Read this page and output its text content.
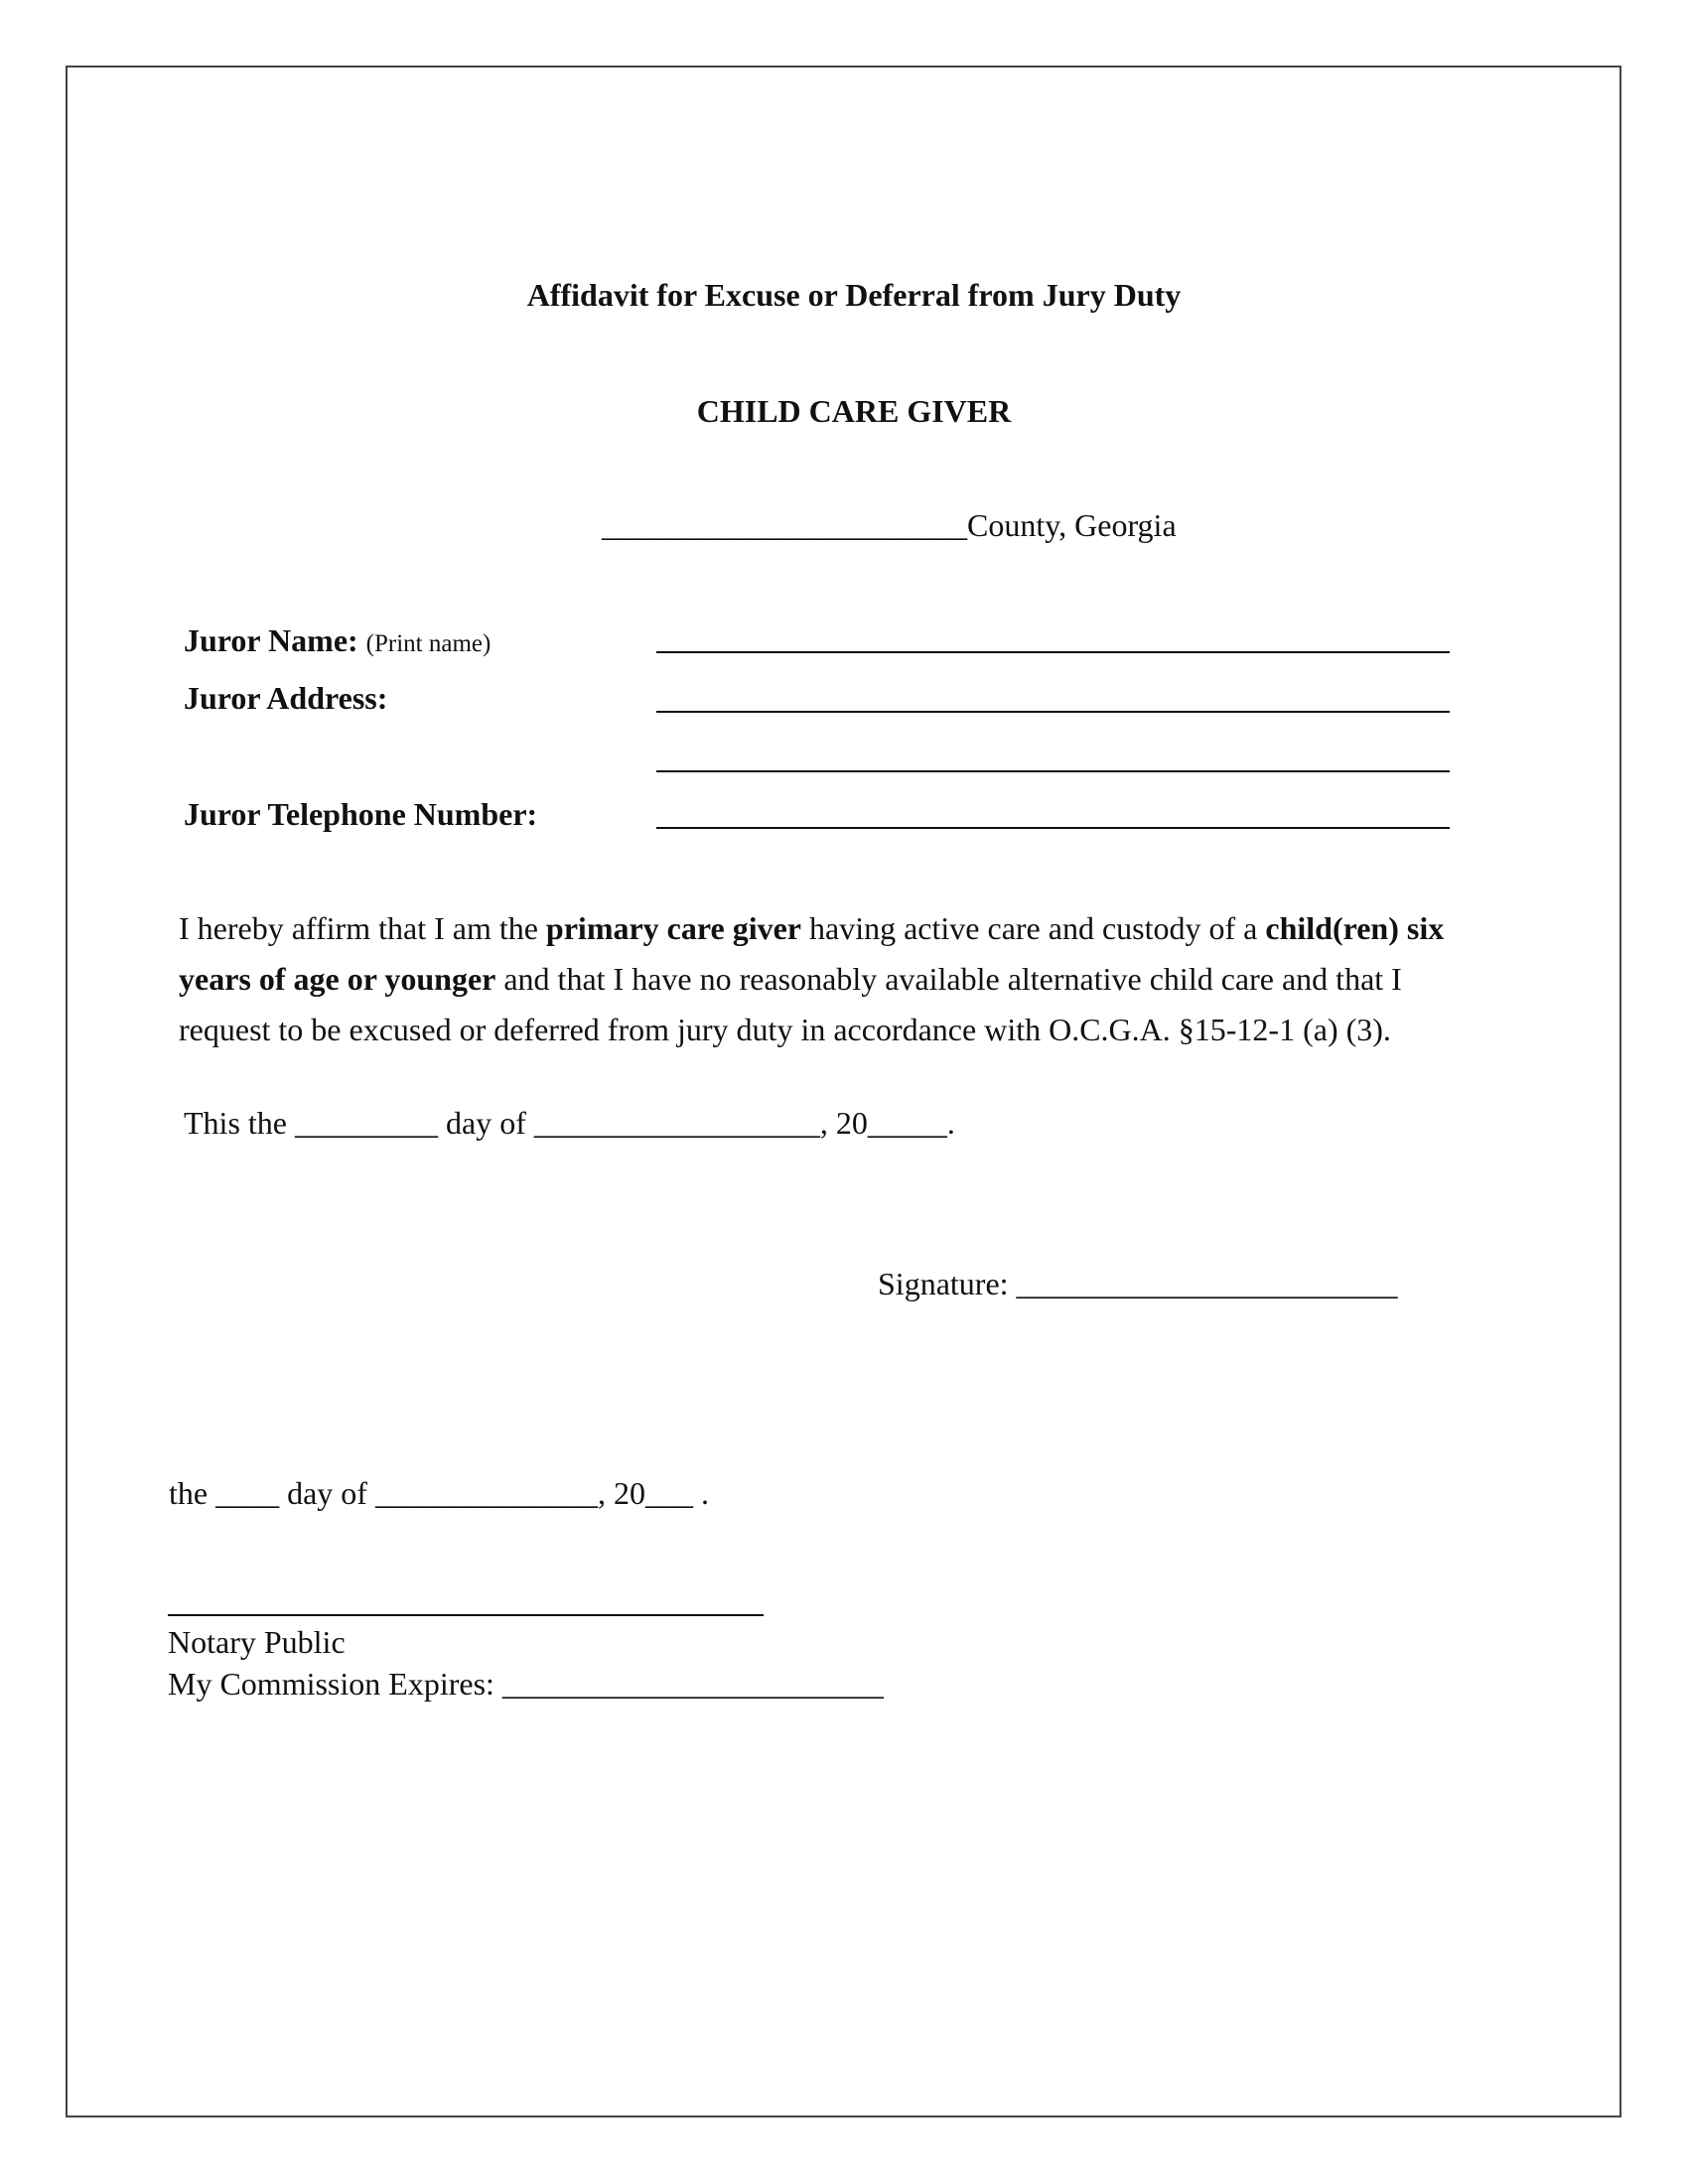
Affidavit for Excuse or Deferral from Jury Duty
CHILD CARE GIVER
_______________________County, Georgia
Juror Name: (Print name)
Juror Address:
Juror Telephone Number:
I hereby affirm that I am the primary care giver having active care and custody of a child(ren) six years of age or younger and that I have no reasonably available alternative child care and that I request to be excused or deferred from jury duty in accordance with O.C.G.A. §15-12-1 (a) (3).
This the _________ day of __________________, 20_____.
Signature: ________________________
the ____ day of ______________, 20___ .
Notary Public
My Commission Expires: ________________________
